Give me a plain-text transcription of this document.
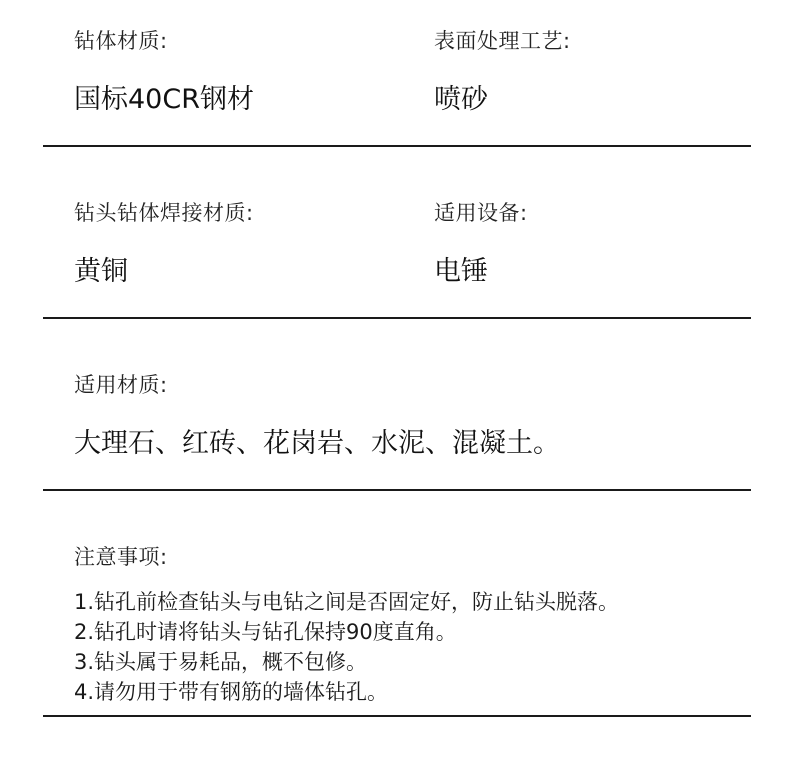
钻体材质:
国标40CR钢材
表面处理工艺:
喷砂
钻头钻体焊接材质:
黄铜
适用设备:
电锤
适用材质:
大理石、红砖、花岗岩、水泥、混凝土。
注意事项:
1.钻孔前检查钻头与电钻之间是否固定好，防止钻头脱落。
2.钻孔时请将钻头与钻孔保持90度直角。
3.钻头属于易耗品，概不包修。
4.请勿用于带有钢筋的墙体钻孔。
